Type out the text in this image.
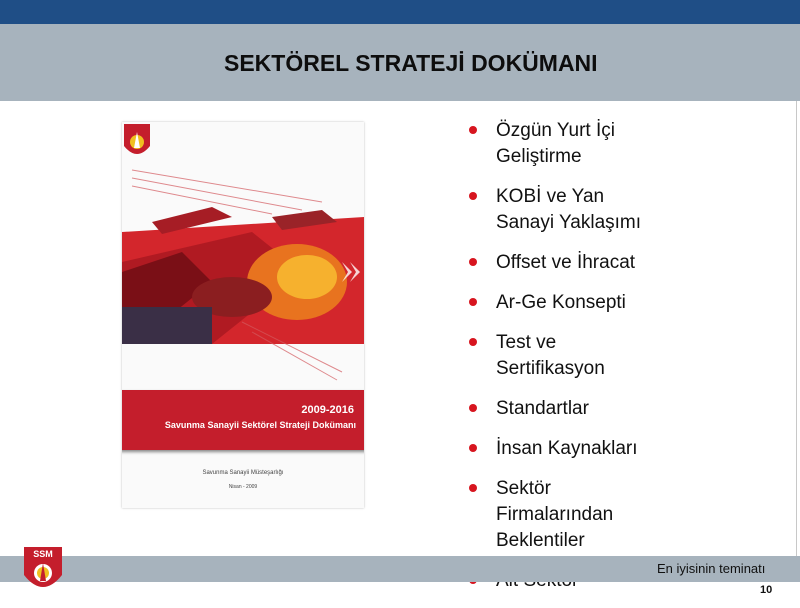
SEKTÖREL STRATEJİ DOKÜMANI
2009-2016
Savunma Sanayii Sektörel Strateji Dokümanı
Savunma Sanayii Müsteşarlığı
Nisan - 2009
Özgün Yurt İçi
Geliştirme
KOBİ ve Yan
Sanayi Yaklaşımı
Offset ve İhracat
Ar-Ge Konsepti
Test ve
Sertifikasyon
Standartlar
İnsan Kaynakları
Sektör
Firmalarından
Beklentiler
SSM
En iyisinin teminatı
10
